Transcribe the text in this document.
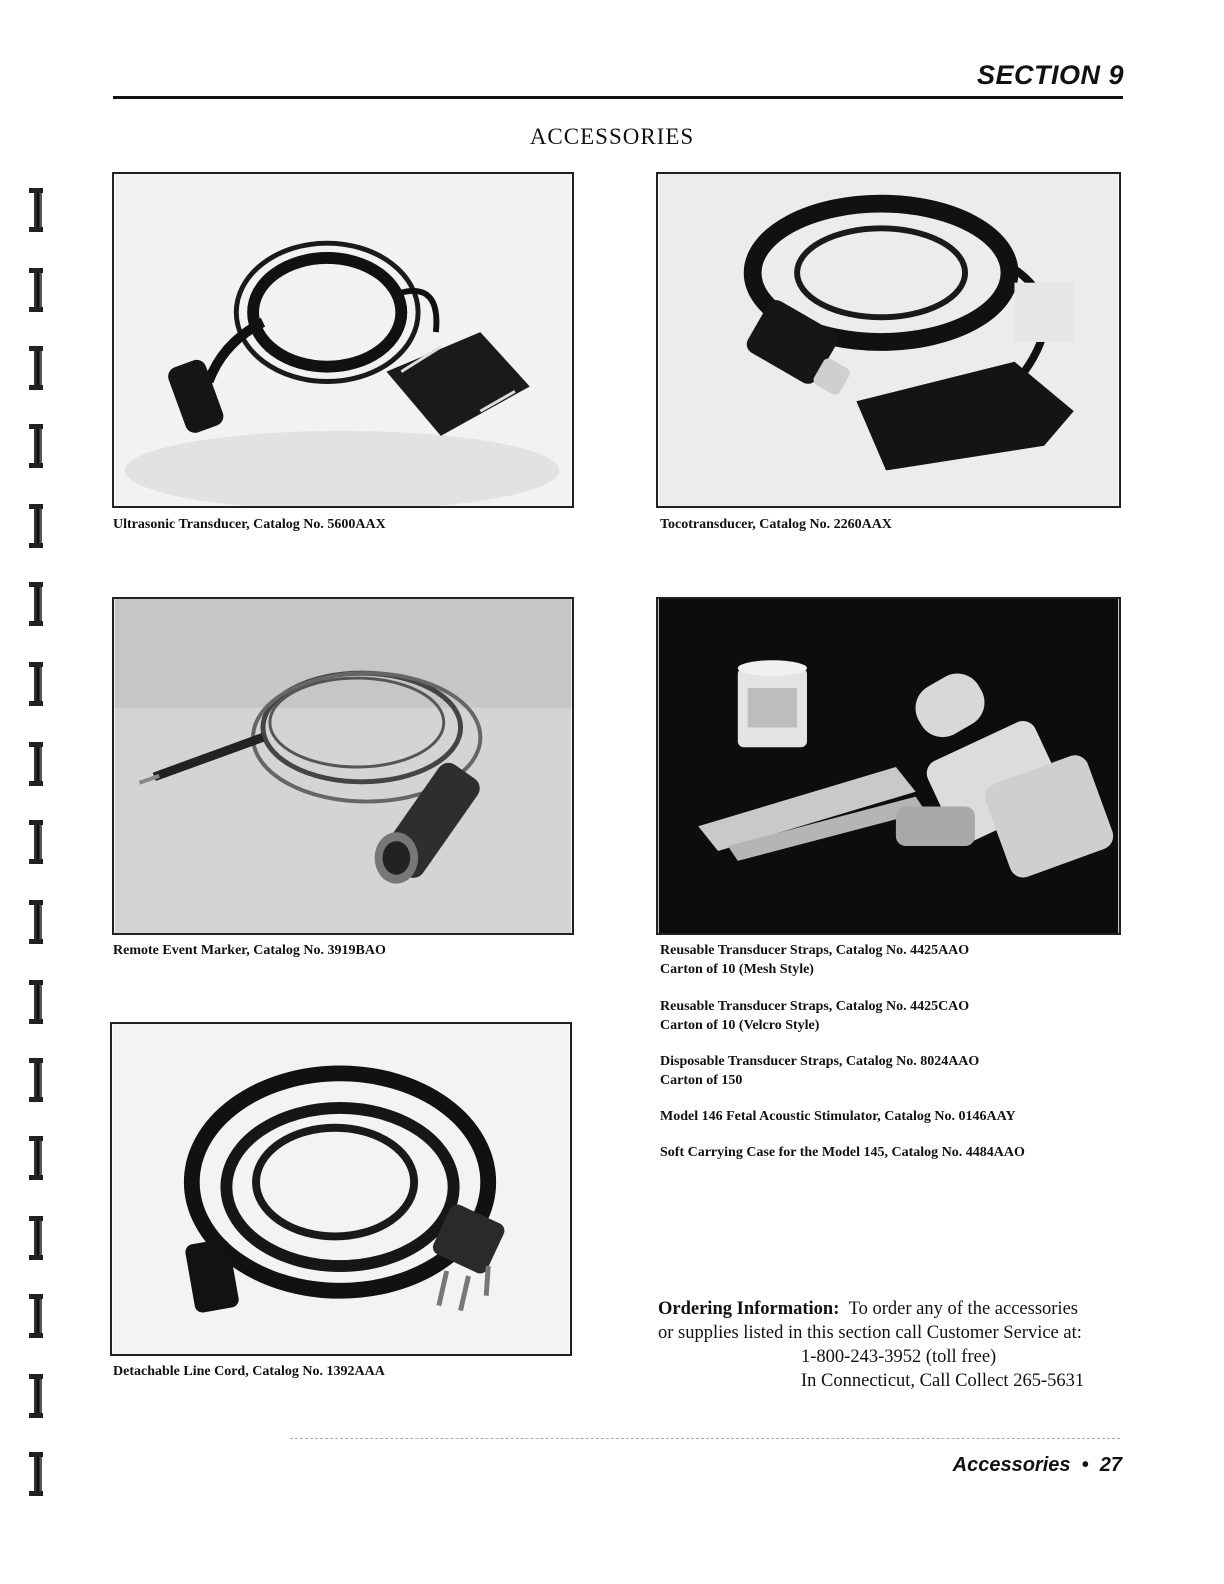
SECTION 9
ACCESSORIES
Ultrasonic Transducer, Catalog No. 5600AAX	Tocotransducer, Catalog No. 2260AAX
Remote Event Marker, Catalog No. 3919BAO	Reusable Transducer Straps, Catalog No. 4425AAO
Carton of 10 (Mesh Style)
Reusable Transducer Straps, Catalog No. 4425CAO
Carton of 10 (Velcro Style)
Disposable Transducer Straps, Catalog No. 8024AAO
Carton of 150
Model 146 Fetal Acoustic Stimulator, Catalog No. 0146AAY
Soft Carrying Case for the Model 145, Catalog No. 4484AAO
Detachable Line Cord, Catalog No. 1392AAA
Ordering Information: To order any of the accessories
or supplies listed in this section call Customer Service at:
1-800-243-3952 (toll free)
In Connecticut, Call Collect 265-5631
Accessories  •  27
